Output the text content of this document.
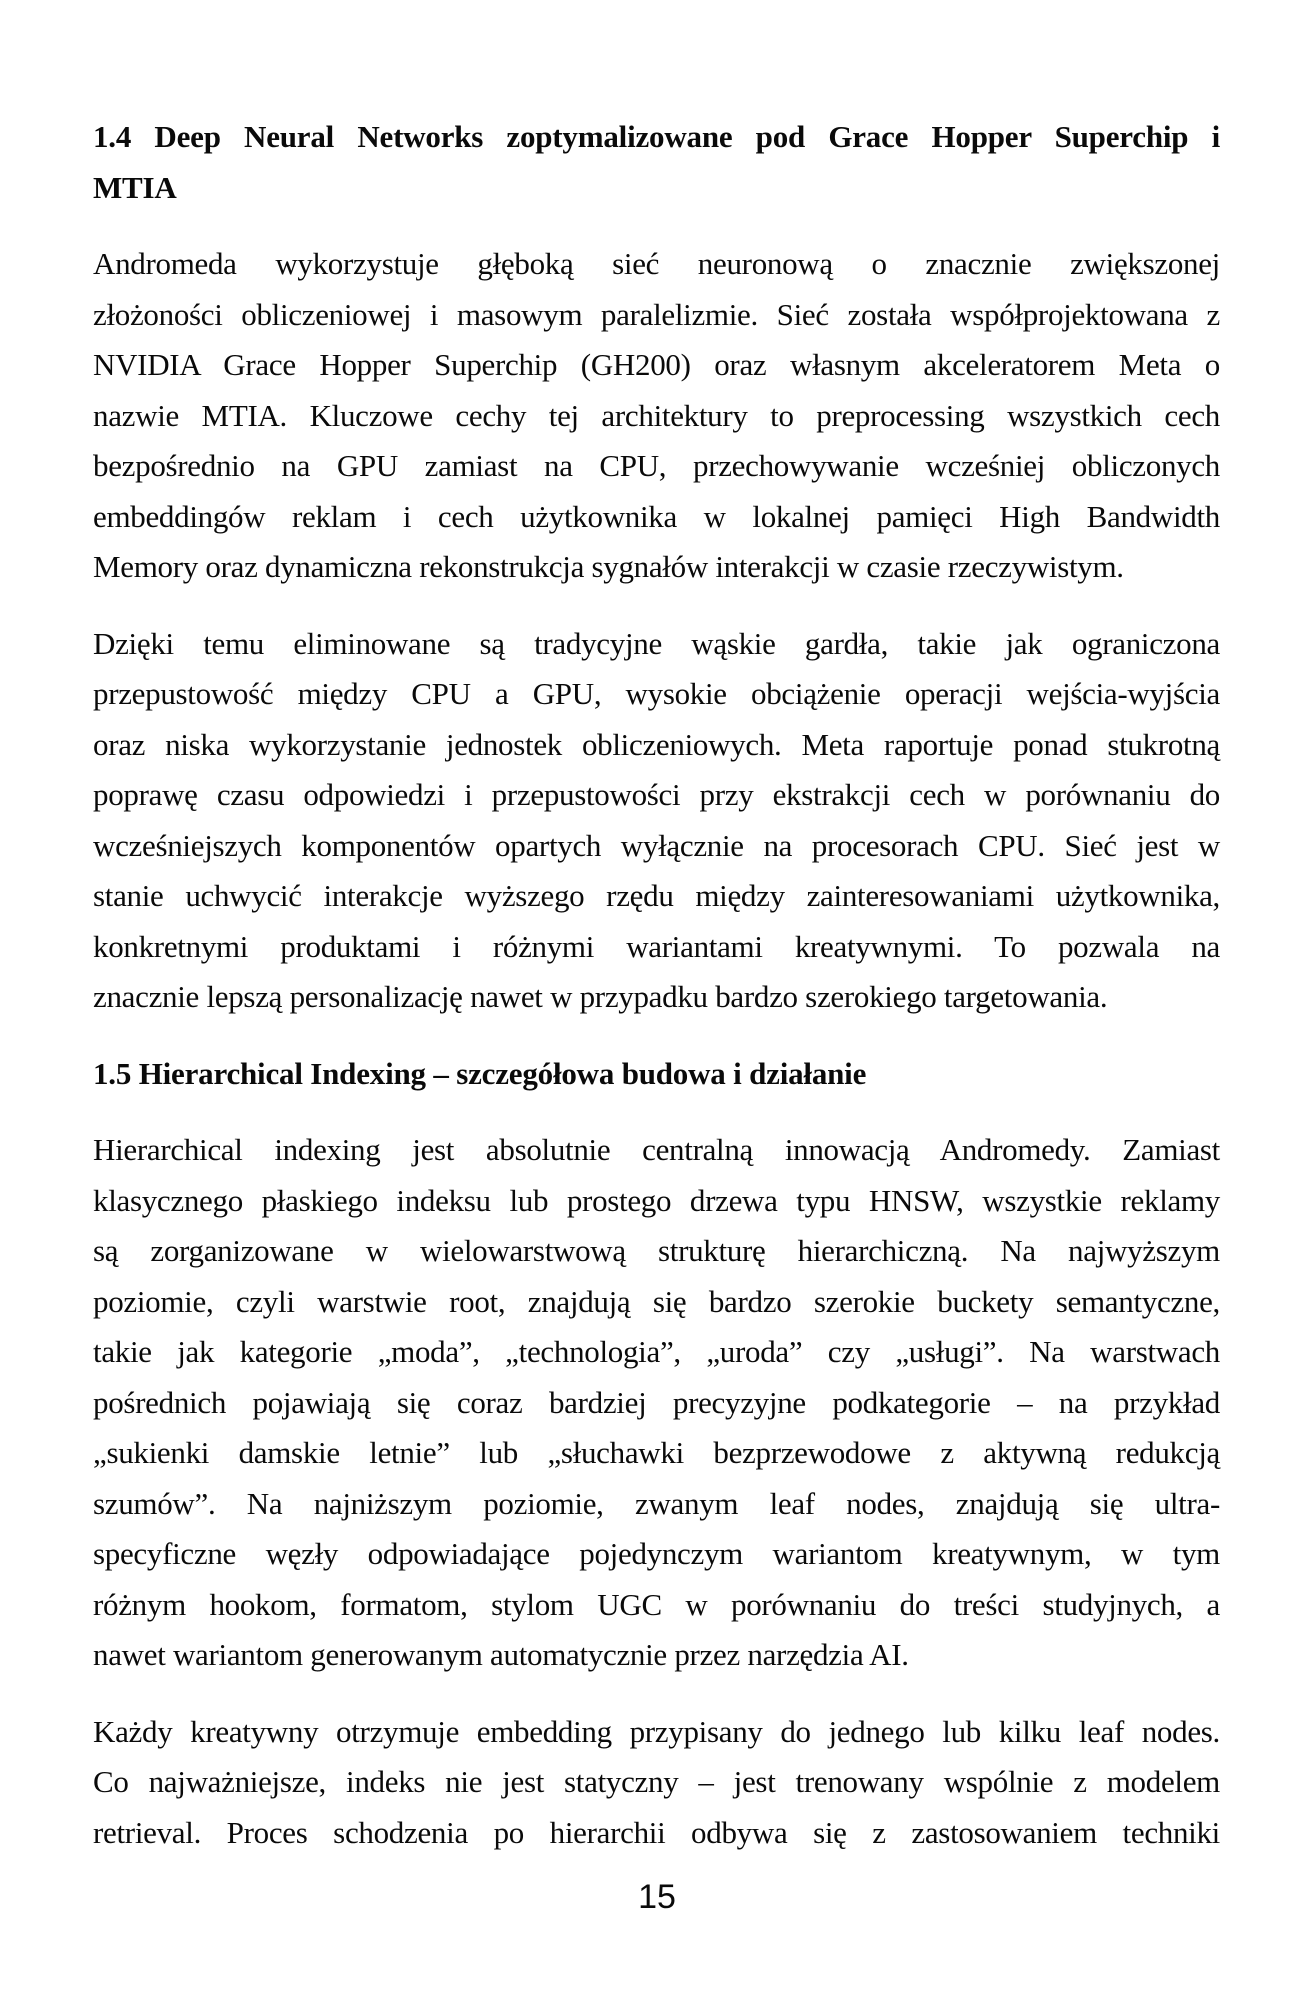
1.4 Deep Neural Networks zoptymalizowane pod Grace Hopper Superchip i
MTIA
Andromeda wykorzystuje głęboką sieć neuronową o znacznie zwiększonej
złożoności obliczeniowej i masowym paralelizmie. Sieć została współprojektowana z
NVIDIA Grace Hopper Superchip (GH200) oraz własnym akceleratorem Meta o
nazwie MTIA. Kluczowe cechy tej architektury to preprocessing wszystkich cech
bezpośrednio na GPU zamiast na CPU, przechowywanie wcześniej obliczonych
embeddingów reklam i cech użytkownika w lokalnej pamięci High Bandwidth
Memory oraz dynamiczna rekonstrukcja sygnałów interakcji w czasie rzeczywistym.
Dzięki temu eliminowane są tradycyjne wąskie gardła, takie jak ograniczona
przepustowość między CPU a GPU, wysokie obciążenie operacji wejścia-wyjścia
oraz niska wykorzystanie jednostek obliczeniowych. Meta raportuje ponad stukrotną
poprawę czasu odpowiedzi i przepustowości przy ekstrakcji cech w porównaniu do
wcześniejszych komponentów opartych wyłącznie na procesorach CPU. Sieć jest w
stanie uchwycić interakcje wyższego rzędu między zainteresowaniami użytkownika,
konkretnymi produktami i różnymi wariantami kreatywnymi. To pozwala na
znacznie lepszą personalizację nawet w przypadku bardzo szerokiego targetowania.
1.5 Hierarchical Indexing – szczegółowa budowa i działanie
Hierarchical indexing jest absolutnie centralną innowacją Andromedy. Zamiast
klasycznego płaskiego indeksu lub prostego drzewa typu HNSW, wszystkie reklamy
są zorganizowane w wielowarstwową strukturę hierarchiczną. Na najwyższym
poziomie, czyli warstwie root, znajdują się bardzo szerokie buckety semantyczne,
takie jak kategorie „moda”, „technologia”, „uroda” czy „usługi”. Na warstwach
pośrednich pojawiają się coraz bardziej precyzyjne podkategorie – na przykład
„sukienki damskie letnie” lub „słuchawki bezprzewodowe z aktywną redukcją
szumów”. Na najniższym poziomie, zwanym leaf nodes, znajdują się ultra-
specyficzne węzły odpowiadające pojedynczym wariantom kreatywnym, w tym
różnym hookom, formatom, stylom UGC w porównaniu do treści studyjnych, a
nawet wariantom generowanym automatycznie przez narzędzia AI.
Każdy kreatywny otrzymuje embedding przypisany do jednego lub kilku leaf nodes.
Co najważniejsze, indeks nie jest statyczny – jest trenowany wspólnie z modelem
retrieval. Proces schodzenia po hierarchii odbywa się z zastosowaniem techniki
15
